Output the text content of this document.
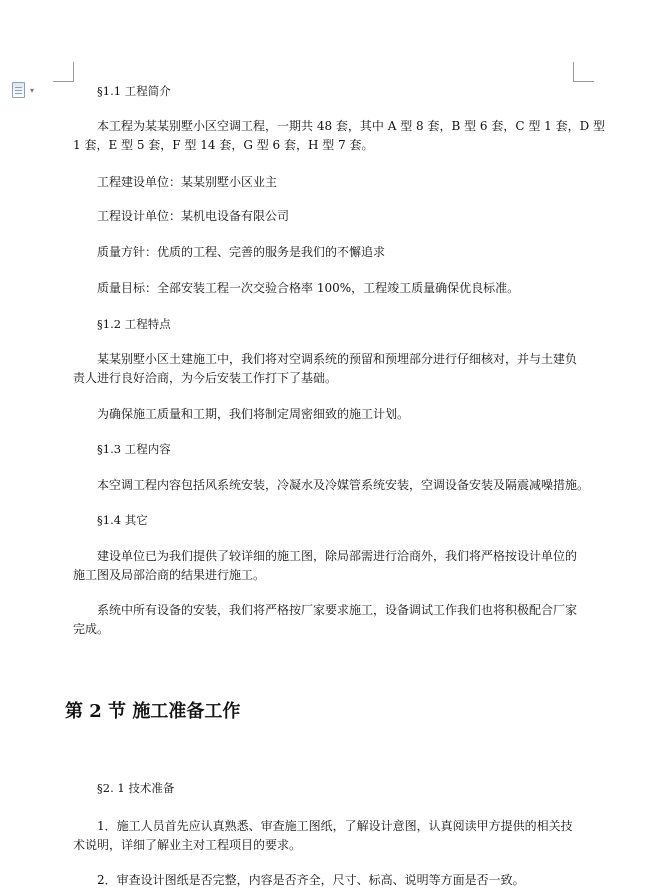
▾	§1.1 工程简介

本工程为某某别墅小区空调工程，一期共 48 套，其中 A 型 8 套，B 型 6 套，C 型 1 套，D 型

1 套，E 型 5 套，F 型 14 套，G 型 6 套，H 型 7 套。

工程建设单位：某某别墅小区业主

工程设计单位：某机电设备有限公司

质量方针：优质的工程、完善的服务是我们的不懈追求

质量目标：全部安装工程一次交验合格率 100%，工程竣工质量确保优良标准。

§1.2 工程特点

某某别墅小区土建施工中，我们将对空调系统的预留和预埋部分进行仔细核对，并与土建负

责人进行良好洽商，为今后安装工作打下了基础。

为确保施工质量和工期，我们将制定周密细致的施工计划。

§1.3 工程内容

本空调工程内容包括风系统安装，冷凝水及冷媒管系统安装，空调设备安装及隔震减噪措施。

§1.4 其它

建设单位已为我们提供了较详细的施工图，除局部需进行洽商外，我们将严格按设计单位的

施工图及局部洽商的结果进行施工。

系统中所有设备的安装，我们将严格按厂家要求施工，设备调试工作我们也将积极配合厂家

完成。

第 2 节 施工准备工作

§2. 1 技术准备

1．施工人员首先应认真熟悉、审查施工图纸，了解设计意图，认真阅读甲方提供的相关技

术说明，详细了解业主对工程项目的要求。

2．审查设计图纸是否完整，内容是否齐全，尺寸、标高、说明等方面是否一致。
